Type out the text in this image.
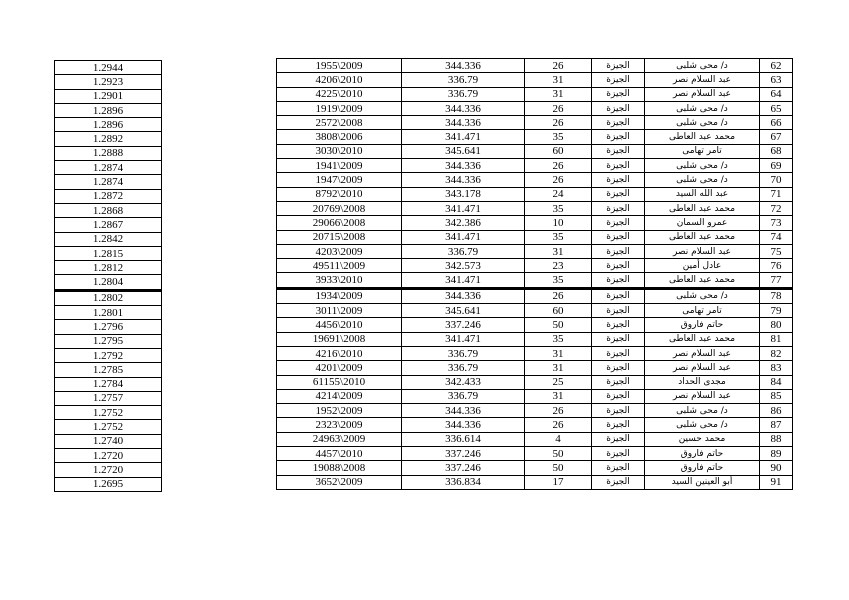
1.2944
1.2923
1.2901
1.2896
1.2896
1.2892
1.2888
1.2874
1.2874
1.2872
1.2868
1.2867
1.2842
1.2815
1.2812
1.2804
1.2802
1.2801
1.2796
1.2795
1.2792
1.2785
1.2784
1.2757
1.2752
1.2752
1.2740
1.2720
1.2720
1.2695
1955\2009	344.336	26	الجيزة	د/ محى شلبى	62
4206\2010	336.79	31	الجيزة	عبد السلام نصر	63
4225\2010	336.79	31	الجيزة	عبد السلام نصر	64
1919\2009	344.336	26	الجيزة	د/ محى شلبى	65
2572\2008	344.336	26	الجيزة	د/ محى شلبى	66
3808\2006	341.471	35	الجيزة	محمد عبد العاطى	67
3030\2010	345.641	60	الجيزة	تامر تهامى	68
1941\2009	344.336	26	الجيزة	د/ محى شلبى	69
1947\2009	344.336	26	الجيزة	د/ محى شلبى	70
8792\2010	343.178	24	الجيزة	عبد الله السيد	71
20769\2008	341.471	35	الجيزة	محمد عبد العاطى	72
29066\2008	342.386	10	الجيزة	عمرو السمان	73
20715\2008	341.471	35	الجيزة	محمد عبد العاطى	74
4203\2009	336.79	31	الجيزة	عبد السلام نصر	75
49511\2009	342.573	23	الجيزة	عادل أمين	76
3933\2010	341.471	35	الجيزة	محمد عبد العاطى	77
1934\2009	344.336	26	الجيزة	د/ محى شلبى	78
3011\2009	345.641	60	الجيزة	تامر تهامى	79
4456\2010	337.246	50	الجيزة	حاتم فاروق	80
19691\2008	341.471	35	الجيزة	محمد عبد العاطى	81
4216\2010	336.79	31	الجيزة	عبد السلام نصر	82
4201\2009	336.79	31	الجيزة	عبد السلام نصر	83
61155\2010	342.433	25	الجيزة	مجدى الحداد	84
4214\2009	336.79	31	الجيزة	عبد السلام نصر	85
1952\2009	344.336	26	الجيزة	د/ محى شلبى	86
2323\2009	344.336	26	الجيزة	د/ محى شلبى	87
24963\2009	336.614	4	الجيزة	محمد حسين	88
4457\2010	337.246	50	الجيزة	حاتم فاروق	89
19088\2008	337.246	50	الجيزة	حاتم فاروق	90
3652\2009	336.834	17	الجيزة	أبو العينين السيد	91
